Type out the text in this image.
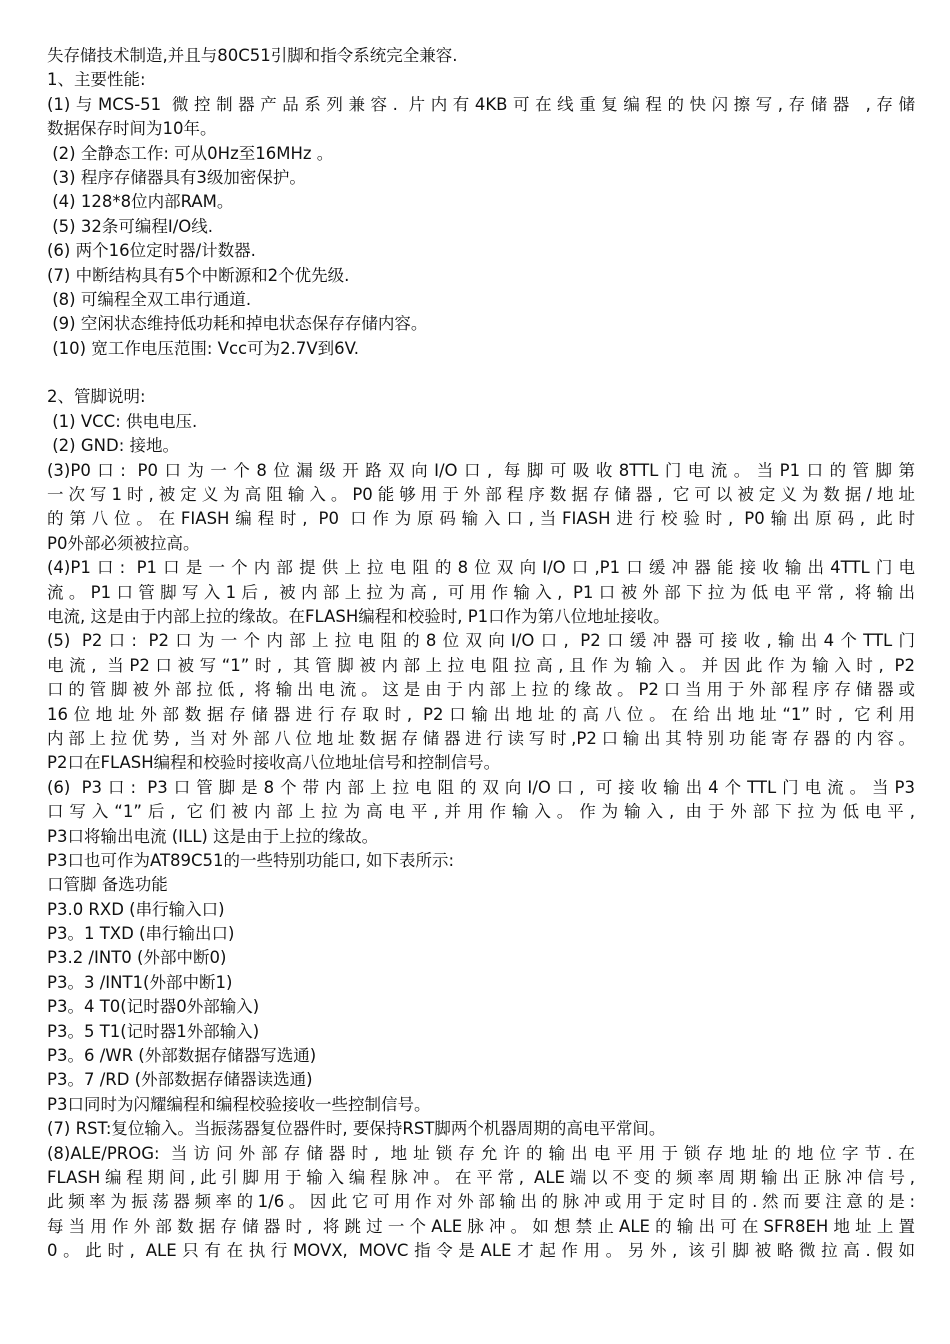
失存储技术制造,并且与80C51引脚和指令系统完全兼容.
1、主要性能:
(1)与MCS-51 微控制器产品系列兼容. 片内有4KB可在线重复编程的快闪擦写,存储器 ,存储
数据保存时间为10年。
(2) 全静态工作: 可从0Hz至16MHz 。
(3) 程序存储器具有3级加密保护。
(4) 128*8位内部RAM。
(5) 32条可编程I/O线.
(6) 两个16位定时器/计数器.
(7) 中断结构具有5个中断源和2个优先级.
(8) 可编程全双工串行通道.
(9) 空闲状态维持低功耗和掉电状态保存存储内容。
(10) 宽工作电压范围: Vcc可为2.7V到6V.
2、管脚说明:
(1) VCC: 供电电压.
(2) GND: 接地。
(3)P0口: P0口为一个8位漏级开路双向I/O口, 每脚可吸收8TTL门电流。当P1口的管脚第
一次写1时,被定义为高阻输入。P0能够用于外部程序数据存储器, 它可以被定义为数据/地址
的第八位。在FIASH编程时, P0 口作为原码输入口,当FIASH进行校验时, P0输出原码, 此时
P0外部必须被拉高。
(4)P1口: P1口是一个内部提供上拉电阻的8位双向I/O口,P1口缓冲器能接收输出4TTL门电
流。P1口管脚写入1后, 被内部上拉为高, 可用作输入, P1口被外部下拉为低电平常, 将输出
电流, 这是由于内部上拉的缘故。在FLASH编程和校验时, P1口作为第八位地址接收。
(5) P2口: P2口为一个内部上拉电阻的8位双向I/O口, P2口缓冲器可接收,输出4个TTL门
电流, 当P2口被写“1”时, 其管脚被内部上拉电阻拉高,且作为输入。并因此作为输入时, P2
口的管脚被外部拉低, 将输出电流。这是由于内部上拉的缘故。P2口当用于外部程序存储器或
16位地址外部数据存储器进行存取时, P2口输出地址的高八位。在给出地址“1”时, 它利用
内部上拉优势, 当对外部八位地址数据存储器进行读写时,P2口输出其特别功能寄存器的内容。
P2口在FLASH编程和校验时接收高八位地址信号和控制信号。
(6) P3口: P3口管脚是8个带内部上拉电阻的双向I/O口, 可接收输出4个TTL门电流。当P3
口写入“1”后, 它们被内部上拉为高电平,并用作输入。作为输入, 由于外部下拉为低电平,
P3口将输出电流 (ILL) 这是由于上拉的缘故。
P3口也可作为AT89C51的一些特别功能口, 如下表所示:
口管脚 备选功能
P3.0 RXD (串行输入口)
P3。1 TXD (串行输出口)
P3.2 /INT0 (外部中断0)
P3。3 /INT1(外部中断1)
P3。4 T0(记时器0外部输入)
P3。5 T1(记时器1外部输入)
P3。6 /WR (外部数据存储器写选通)
P3。7 /RD (外部数据存储器读选通)
P3口同时为闪耀编程和编程校验接收一些控制信号。
(7) RST:复位输入。当振荡器复位器件时, 要保持RST脚两个机器周期的高电平常间。
(8)ALE/PROG: 当访问外部存储器时, 地址锁存允许的输出电平用于锁存地址的地位字节.在
FLASH编程期间,此引脚用于输入编程脉冲。在平常, ALE端以不变的频率周期输出正脉冲信号,
此频率为振荡器频率的1/6。因此它可用作对外部输出的脉冲或用于定时目的.然而要注意的是:
每当用作外部数据存储器时, 将跳过一个ALE脉冲。如想禁止ALE的输出可在SFR8EH地址上置
0。此时, ALE只有在执行MOVX, MOVC指令是ALE才起作用。另外, 该引脚被略微拉高.假如
